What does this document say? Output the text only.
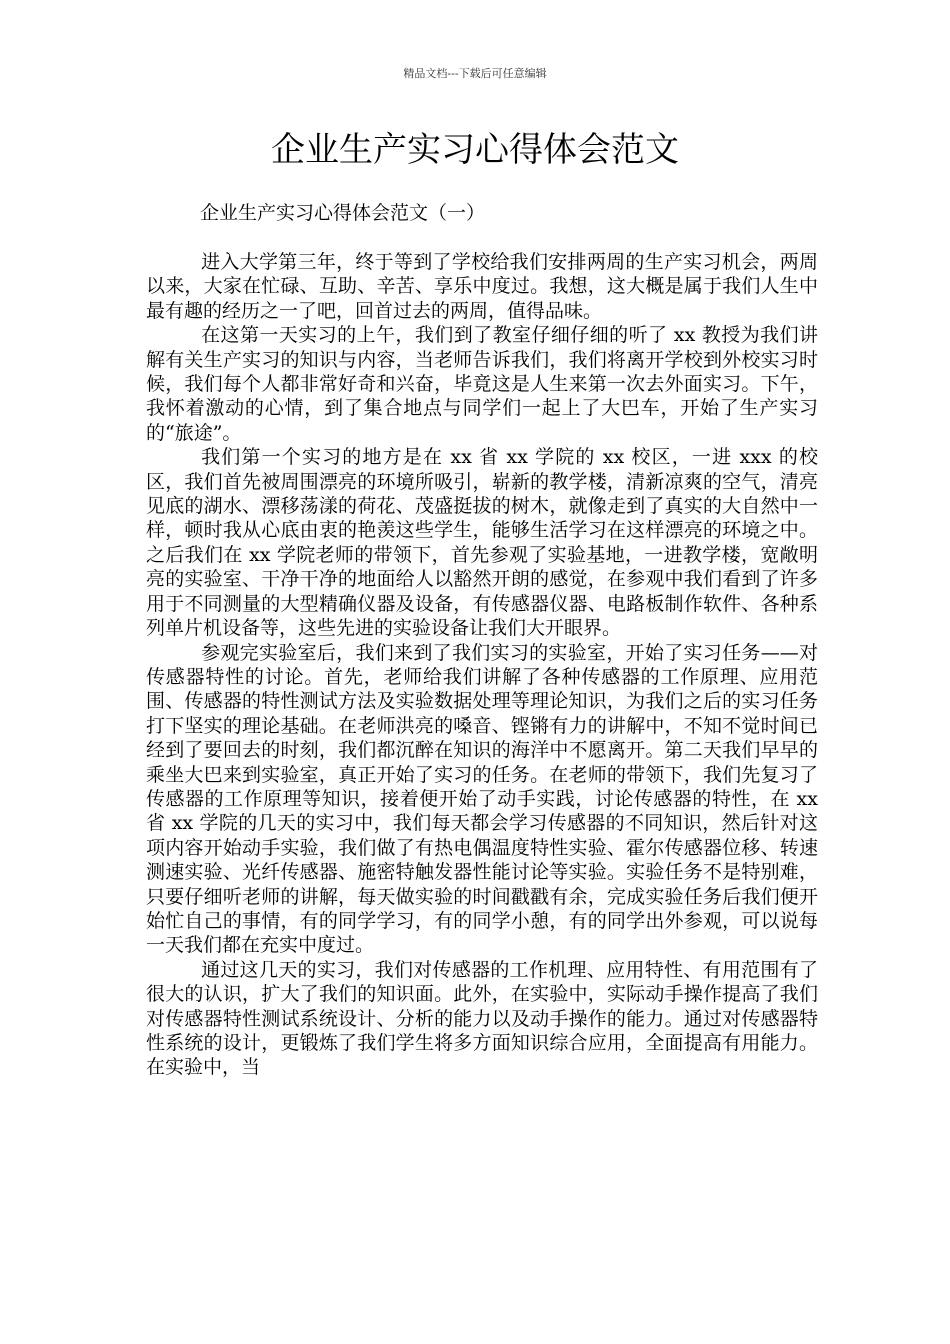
精品文档---下载后可任意编辑
企业生产实习心得体会范文

企业生产实习心得体会范文（一）

进入大学第三年，终于等到了学校给我们安排两周的生产实习机会，两周以来，大家在忙碌、互助、辛苦、享乐中度过。我想，这大概是属于我们人生中最有趣的经历之一了吧，回首过去的两周，值得品味。

在这第一天实习的上午，我们到了教室仔细仔细的听了 xx 教授为我们讲解有关生产实习的知识与内容，当老师告诉我们，我们将离开学校到外校实习时候，我们每个人都非常好奇和兴奋，毕竟这是人生来第一次去外面实习。下午，我怀着激动的心情，到了集合地点与同学们一起上了大巴车，开始了生产实习的“旅途”。

我们第一个实习的地方是在 xx 省 xx 学院的 xx 校区，一进 xxx 的校区，我们首先被周围漂亮的环境所吸引，崭新的教学楼，清新凉爽的空气，清亮见底的湖水、漂移荡漾的荷花、茂盛挺拔的树木，就像走到了真实的大自然中一样，顿时我从心底由衷的艳羡这些学生，能够生活学习在这样漂亮的环境之中。之后我们在 xx 学院老师的带领下，首先参观了实验基地，一进教学楼，宽敞明亮的实验室、干净干净的地面给人以豁然开朗的感觉，在参观中我们看到了许多用于不同测量的大型精确仪器及设备，有传感器仪器、电路板制作软件、各种系列单片机设备等，这些先进的实验设备让我们大开眼界。

参观完实验室后，我们来到了我们实习的实验室，开始了实习任务——对传感器特性的讨论。首先，老师给我们讲解了各种传感器的工作原理、应用范围、传感器的特性测试方法及实验数据处理等理论知识，为我们之后的实习任务打下坚实的理论基础。在老师洪亮的嗓音、铿锵有力的讲解中，不知不觉时间已经到了要回去的时刻，我们都沉醉在知识的海洋中不愿离开。第二天我们早早的乘坐大巴来到实验室，真正开始了实习的任务。在老师的带领下，我们先复习了传感器的工作原理等知识，接着便开始了动手实践，讨论传感器的特性，在 xx 省 xx 学院的几天的实习中，我们每天都会学习传感器的不同知识，然后针对这项内容开始动手实验，我们做了有热电偶温度特性实验、霍尔传感器位移、转速测速实验、光纤传感器、施密特触发器性能讨论等实验。实验任务不是特别难，只要仔细听老师的讲解，每天做实验的时间戳戳有余，完成实验任务后我们便开始忙自己的事情，有的同学学习，有的同学小憩，有的同学出外参观，可以说每一天我们都在充实中度过。

通过这几天的实习，我们对传感器的工作机理、应用特性、有用范围有了很大的认识，扩大了我们的知识面。此外，在实验中，实际动手操作提高了我们对传感器特性测试系统设计、分析的能力以及动手操作的能力。通过对传感器特性系统的设计，更锻炼了我们学生将多方面知识综合应用，全面提高有用能力。在实验中，当
